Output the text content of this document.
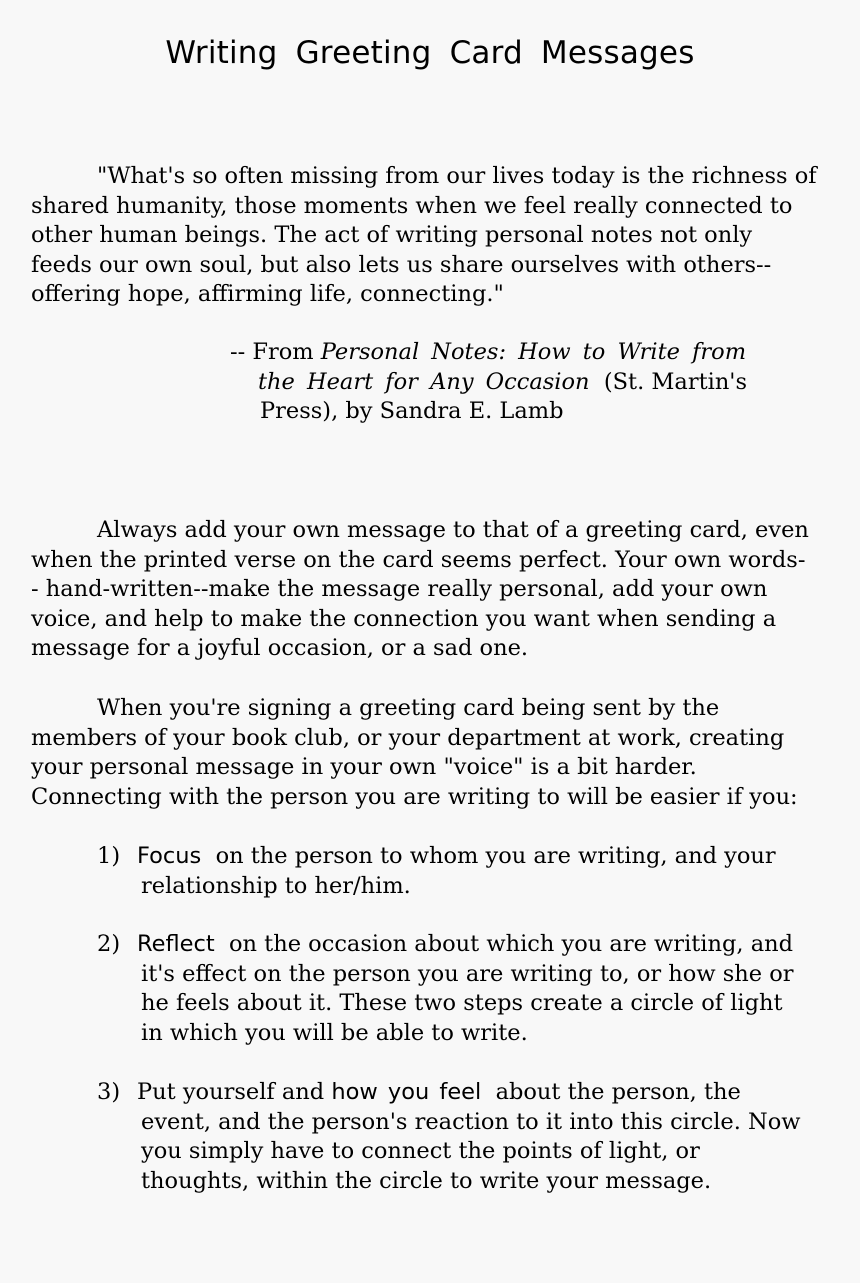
Writing Greeting Card Messages
"What's so often missing from our lives today is the richness of
shared humanity, those moments when we feel really connected to
other human beings. The act of writing personal notes not only
feeds our own soul, but also lets us share ourselves with others--
offering hope, affirming life, connecting."
-- From Personal Notes: How to Write from
the Heart for Any Occasion  (St. Martin's
Press), by Sandra E. Lamb
Always add your own message to that of a greeting card, even
when the printed verse on the card seems perfect. Your own words-
- hand-written--make the message really personal, add your own
voice, and help to make the connection you want when sending a
message for a joyful occasion, or a sad one.
When you're signing a greeting card being sent by the
members of your book club, or your department at work, creating
your personal message in your own "voice" is a bit harder.
Connecting with the person you are writing to will be easier if you:
1) Focus  on the person to whom you are writing, and your
relationship to her/him.
2) Reflect  on the occasion about which you are writing, and
it's effect on the person you are writing to, or how she or
he feels about it. These two steps create a circle of light
in which you will be able to write.
3) Put yourself and how you feel  about the person, the
event, and the person's reaction to it into this circle. Now
you simply have to connect the points of light, or
thoughts, within the circle to write your message.
